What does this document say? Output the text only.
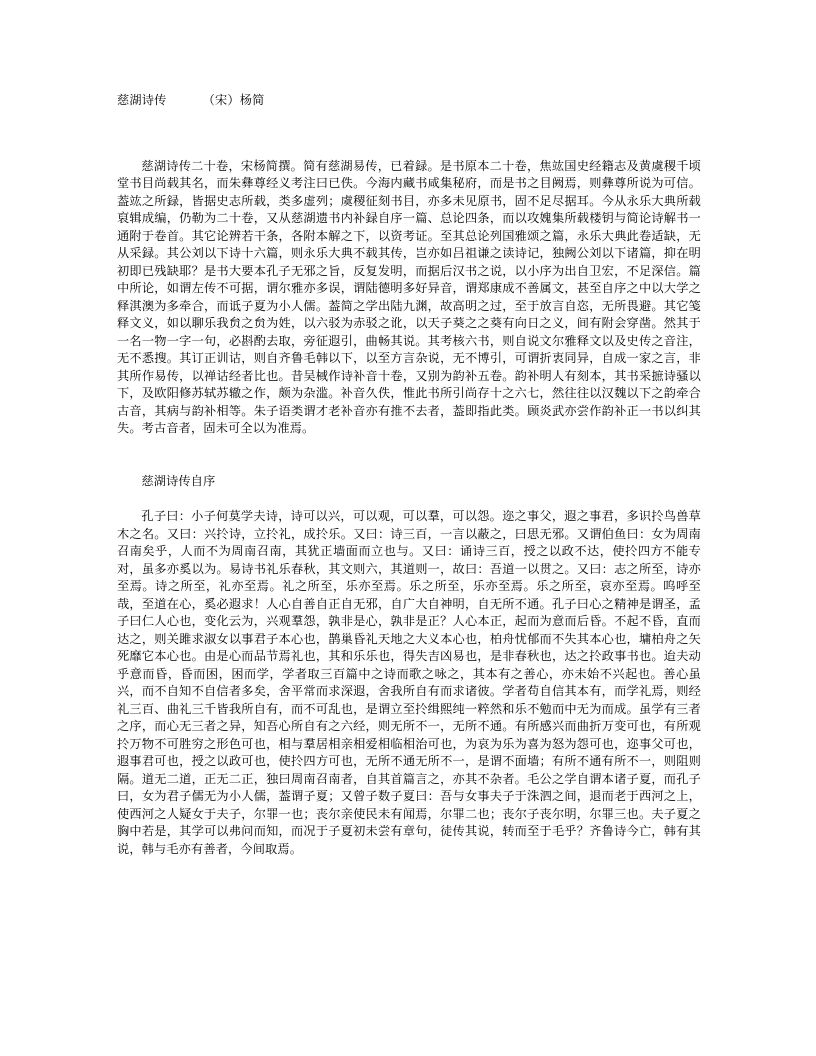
慈湖诗传	（宋）杨简

慈湖诗传二十卷，宋杨简撰。简有慈湖易传，已着録。是书原本二十卷，焦竑国史经籍志及黄虞稷千顷堂书目尚载其名，而朱彝尊经义考注曰已佚。今海内藏书咸集秘府，而是书之目阙焉，则彝尊所说为可信。葢竑之所録，皆据史志所载，类多虚列；虞稷征刻书目，亦多未见原书，固不足尽据耳。今从永乐大典所载裒辑成编，仍勒为二十卷，又从慈湖遗书内补録自序一篇、总论四条，而以攻媿集所载楼钥与简论诗解书一通附于卷首。其它论辨若干条，各附本解之下，以资考证。至其总论列国雅颂之篇，永乐大典此卷适缺，无从采録。其公刘以下诗十六篇，则永乐大典不载其传，岂亦如吕祖谦之读诗记，独阙公刘以下诸篇，抑在明初即已残缺耶？是书大要本孔子无邪之旨，反复发明，而据后汉书之说，以小序为出自卫宏，不足深信。篇中所论，如谓左传不可据，谓尔雅亦多误，谓陆德明多好异音，谓郑康成不善属文，甚至自序之中以大学之释淇澳为多牵合，而诋子夏为小人儒。葢简之学出陆九渊，故高明之过，至于放言自恣，无所畏避。其它笺释文义，如以聊乐我贠之贠为姓，以六驳为赤驳之讹，以天子葵之之葵有向日之义，间有附会穿凿。然其于一名一物一字一句，必斟酌去取，旁征遐引，曲畅其说。其考核六书，则自说文尔雅释文以及史传之音注，无不悉搜。其订正训诂，则自齐鲁毛韩以下，以至方言杂说，无不博引，可谓折衷同异，自成一家之言，非其所作易传，以禅诂经者比也。昔吴棫作诗补音十卷，又别为韵补五卷。韵补明人有刻本，其书采摭诗骚以下，及欧阳修苏轼苏辙之作，颇为杂滥。补音久佚，惟此书所引尚存十之六七，然往往以汉魏以下之韵牵合古音，其病与韵补相等。朱子语类谓才老补音亦有推不去者，葢即指此类。顾炎武亦尝作韵补正一书以纠其失。考古音者，固未可全以为准焉。

慈湖诗传自序

孔子曰：小子何莫学夫诗，诗可以兴，可以观，可以羣，可以怨。迩之事父，遐之事君，多识扵鸟兽草木之名。又曰：兴扵诗，立扵礼，成扵乐。又曰：诗三百，一言以蔽之，曰思无邪。又谓伯鱼曰：女为周南召南矣乎，人而不为周南召南，其犹正墙面而立也与。又曰：诵诗三百，授之以政不达，使扵四方不能专对，虽多亦奚以为。易诗书礼乐春秋，其文则六，其道则一，故曰：吾道一以贯之。又曰：志之所至，诗亦至焉。诗之所至，礼亦至焉。礼之所至，乐亦至焉。乐之所至，乐亦至焉。乐之所至，哀亦至焉。呜呼至哉，至道在心，奚必遐求！人心自善自正自无邪，自广大自神明，自无所不通。孔子曰心之精神是谓圣，孟子曰仁人心也，变化云为，兴观羣怨，孰非是心，孰非是正？人心本正，起而为意而后昏。不起不昏，直而达之，则关雎求淑女以事君子本心也，鹊巢昏礼天地之大义本心也，柏舟忧郁而不失其本心也，墉柏舟之矢死靡它本心也。由是心而品节焉礼也，其和乐乐也，得失吉凶易也，是非春秋也，达之扵政事书也。迨夫动乎意而昏，昏而困，困而学，学者取三百篇中之诗而歌之咏之，其本有之善心，亦未始不兴起也。善心虽兴，而不自知不自信者多矣，舍平常而求深遐，舍我所自有而求诸彼。学者苟自信其本有，而学礼焉，则经礼三百、曲礼三千皆我所自有，而不可乱也，是谓立至扵缉熙纯一粹然和乐不勉而中无为而成。虽学有三者之序，而心无三者之异，知吾心所自有之六经，则无所不一，无所不通。有所感兴而曲折万变可也，有所观扵万物不可胜穷之形色可也，相与羣居相亲相爱相临相治可也，为哀为乐为喜为怒为怨可也，迩事父可也，遐事君可也，授之以政可也，使扵四方可也，无所不通无所不一，是谓不面墙；有所不通有所不一，则阻则隔。道无二道，正无二正，独曰周南召南者，自其首篇言之，亦其不杂者。毛公之学自谓本诸子夏，而孔子曰，女为君子儒无为小人儒，葢谓子夏；又曾子数子夏曰：吾与女事夫子于洙泗之间，退而老于西河之上，使西河之人疑女于夫子，尔罪一也；丧尔亲使民未有闻焉，尔罪二也；丧尔子丧尔明，尔罪三也。夫子夏之胸中若是，其学可以弗问而知，而况于子夏初未尝有章句，徒传其说，转而至于毛乎？齐鲁诗今亡，韩有其说，韩与毛亦有善者，今间取焉。
